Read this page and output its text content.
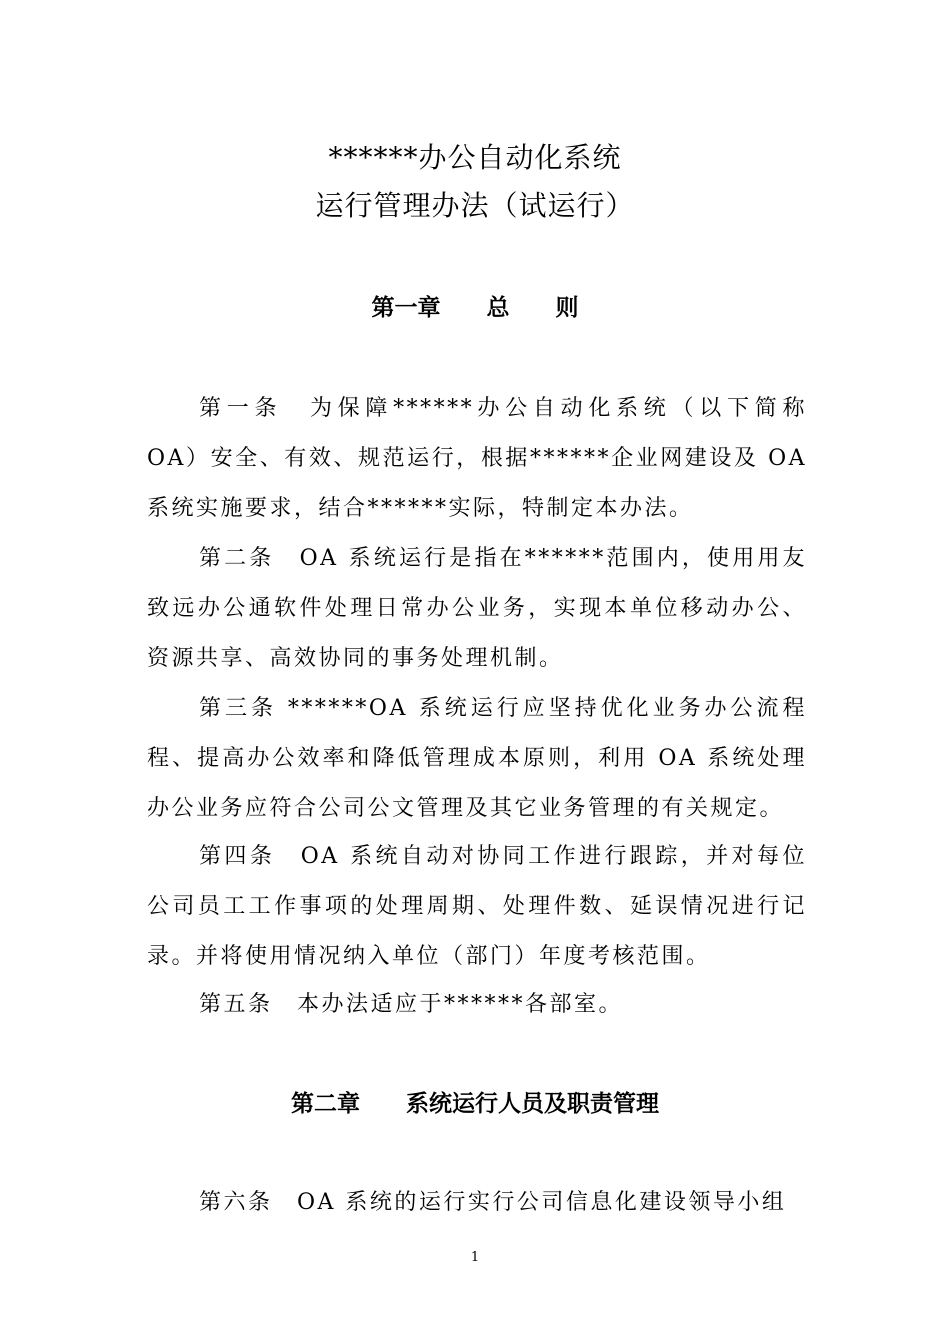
******办公自动化系统
运行管理办法（试运行）
第一章　　总　　则
第一条　为保障******办公自动化系统（以下简称 OA）安全、有效、规范运行，根据******企业网建设及 OA 系统实施要求，结合******实际，特制定本办法。
第二条　OA 系统运行是指在******范围内，使用用友致远办公通软件处理日常办公业务，实现本单位移动办公、资源共享、高效协同的事务处理机制。
第三条 ******OA 系统运行应坚持优化业务办公流程程、提高办公效率和降低管理成本原则，利用 OA 系统处理办公业务应符合公司公文管理及其它业务管理的有关规定。
第四条　OA 系统自动对协同工作进行跟踪，并对每位公司员工工作事项的处理周期、处理件数、延误情况进行记录。并将使用情况纳入单位（部门）年度考核范围。
第五条　本办法适应于******各部室。
第二章　　系统运行人员及职责管理
第六条　OA 系统的运行实行公司信息化建设领导小组
1
